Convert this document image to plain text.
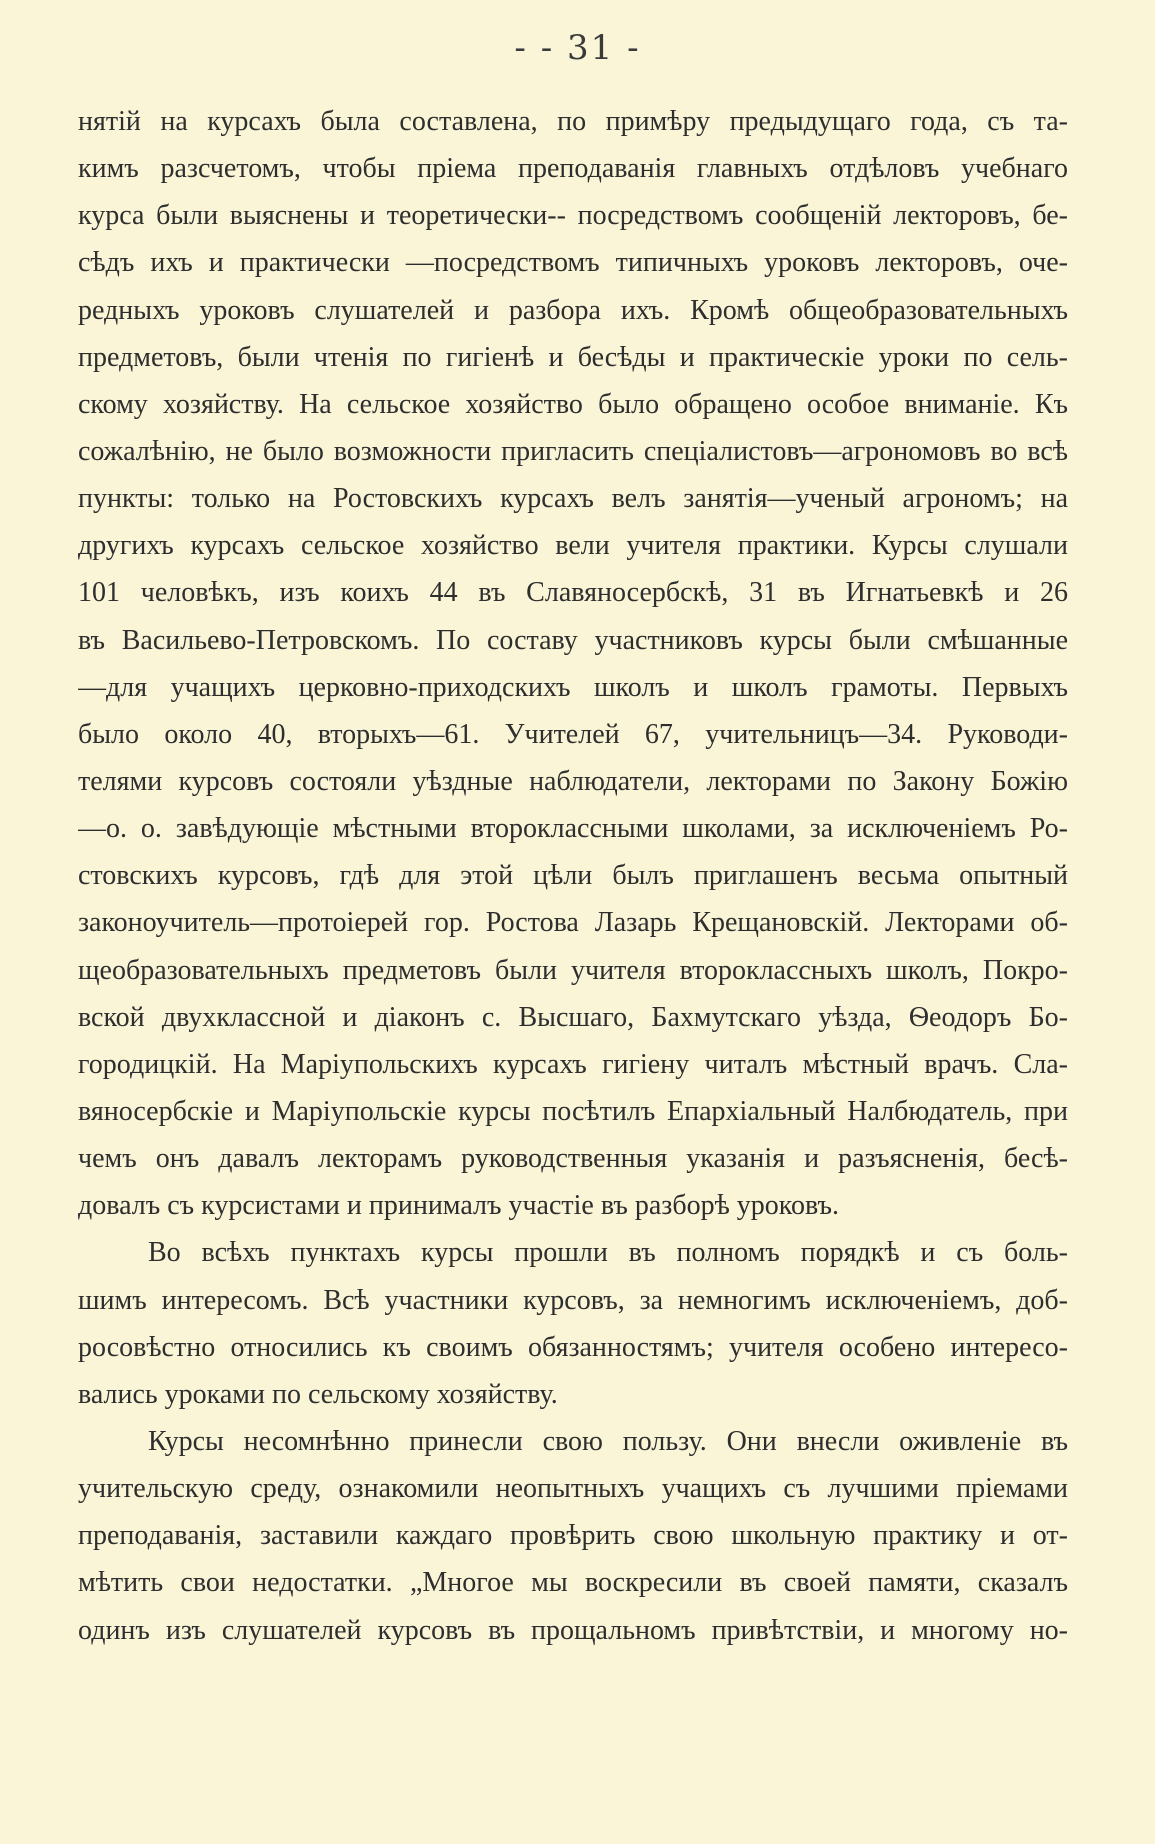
- - 31 -
нятій на курсахъ была составлена, по примѣру предыдущаго года, съ та-
кимъ разсчетомъ, чтобы пріема преподаванія главныхъ отдѣловъ учебнаго
курса были выяснены и теоретически-- посредствомъ сообщеній лекторовъ, бе-
сѣдъ ихъ и практически —посредствомъ типичныхъ уроковъ лекторовъ, оче-
редныхъ уроковъ слушателей и разбора ихъ. Кромѣ общеобразовательныхъ
предметовъ, были чтенія по гигіенѣ и бесѣды и практическіе уроки по сель-
скому хозяйству. На сельское хозяйство было обращено особое вниманіе. Къ
сожалѣнію, не было возможности пригласить спеціалистовъ—агрономовъ во всѣ
пункты: только на Ростовскихъ курсахъ велъ занятія—ученый агрономъ; на
другихъ курсахъ сельское хозяйство вели учителя практики. Курсы слушали
101 человѣкъ, изъ коихъ 44 въ Славяносербскѣ, 31 въ Игнатьевкѣ и 26
въ Васильево-Петровскомъ. По составу участниковъ курсы были смѣшанные
—для учащихъ церковно-приходскихъ школъ и школъ грамоты. Первыхъ
было около 40, вторыхъ—61. Учителей 67, учительницъ—34. Руководи-
телями курсовъ состояли уѣздные наблюдатели, лекторами по Закону Божію
—о. о. завѣдующіе мѣстными второклассными школами, за исключеніемъ Ро-
стовскихъ курсовъ, гдѣ для этой цѣли былъ приглашенъ весьма опытный
законоучитель—протоіерей гор. Ростова Лазарь Крещановскій. Лекторами об-
щеобразовательныхъ предметовъ были учителя второклассныхъ школъ, Покро-
вской двухклассной и діаконъ с. Высшаго, Бахмутскаго уѣзда, Ѳеодоръ Бо-
городицкій. На Маріупольскихъ курсахъ гигіену читалъ мѣстный врачъ. Сла-
вяносербскіе и Маріупольскіе курсы посѣтилъ Епархіальный Налбюдатель, при
чемъ онъ давалъ лекторамъ руководственныя указанія и разъясненія, бесѣ-
довалъ съ курсистами и принималъ участіе въ разборѣ уроковъ.
Во всѣхъ пунктахъ курсы прошли въ полномъ порядкѣ и съ боль-
шимъ интересомъ. Всѣ участники курсовъ, за немногимъ исключеніемъ, доб-
росовѣстно относились къ своимъ обязанностямъ; учителя особено интересо-
вались уроками по сельскому хозяйству.
Курсы несомнѣнно принесли свою пользу. Они внесли оживленіе въ
учительскую среду, ознакомили неопытныхъ учащихъ съ лучшими пріемами
преподаванія, заставили каждаго провѣрить свою школьную практику и от-
мѣтить свои недостатки. „Многое мы воскресили въ своей памяти, сказалъ
одинъ изъ слушателей курсовъ въ прощальномъ привѣтствіи, и многому но-
